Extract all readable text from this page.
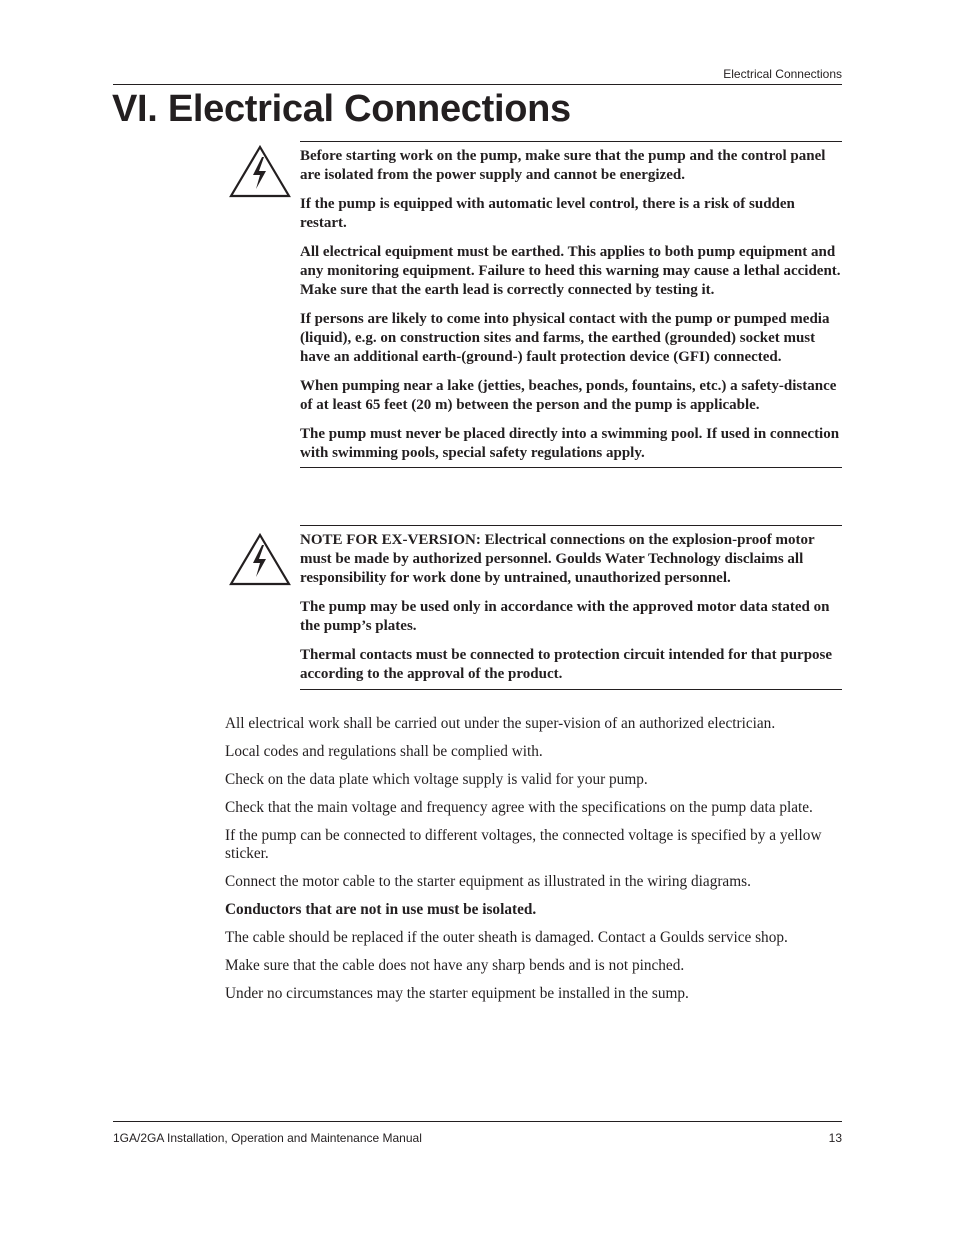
Electrical Connections
VI. Electrical Connections

Before starting work on the pump, make sure that the pump and the control panel are isolated from the power supply and cannot be energized.

If the pump is equipped with automatic level control, there is a risk of sudden restart.

All electrical equipment must be earthed. This applies to both pump equipment and any monitoring equipment. Failure to heed this warning may cause a lethal accident. Make sure that the earth lead is correctly connected by testing it.

If persons are likely to come into physical contact with the pump or pumped media (liquid), e.g. on construction sites and farms, the earthed (grounded) socket must have an additional earth-(ground-) fault protection device (GFI) connected.

When pumping near a lake (jetties, beaches, ponds, fountains, etc.) a safety-distance of at least 65 feet (20 m) between the person and the pump is applicable.

The pump must never be placed directly into a swimming pool. If used in connection with swimming pools, special safety regulations apply.

NOTE FOR EX-VERSION: Electrical connections on the explosion-proof motor must be made by authorized personnel. Goulds Water Technology disclaims all responsibility for work done by untrained, unauthorized personnel.

The pump may be used only in accordance with the approved motor data stated on the pump’s plates.

Thermal contacts must be connected to protection circuit intended for that purpose according to the approval of the product.

All electrical work shall be carried out under the super-vision of an authorized electrician.

Local codes and regulations shall be complied with.

Check on the data plate which voltage supply is valid for your pump.

Check that the main voltage and frequency agree with the specifications on the pump data plate.

If the pump can be connected to different voltages, the connected voltage is specified by a yellow sticker.

Connect the motor cable to the starter equipment as illustrated in the wiring diagrams.

Conductors that are not in use must be isolated.

The cable should be replaced if the outer sheath is damaged. Contact a Goulds service shop.

Make sure that the cable does not have any sharp bends and is not pinched.

Under no circumstances may the starter equipment be installed in the sump.

1GA/2GA Installation, Operation and Maintenance Manual	13
